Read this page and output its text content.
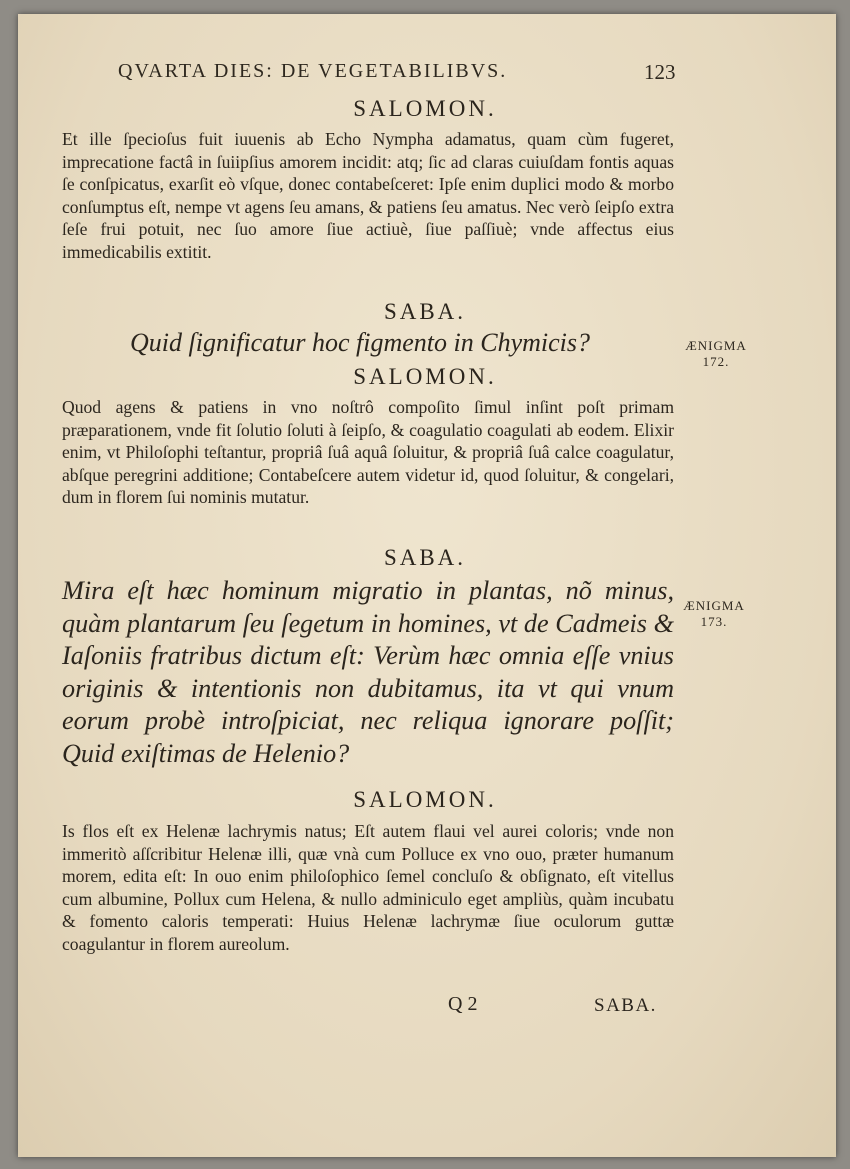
QVARTA DIES: DE VEGETABILIBVS.	123
SALOMON.
Et ille ſpecioſus fuit iuuenis ab Echo Nympha adamatus, quam cùm fugeret, imprecatione factâ in ſuiipſius amorem incidit: atq; ſic ad claras cuiuſdam fontis aquas ſe conſpicatus, exarſit eò vſque, donec contabeſceret: Ipſe enim duplici modo & morbo conſumptus eſt, nempe vt agens ſeu amans, & patiens ſeu amatus. Nec verò ſeipſo extra ſeſe frui potuit, nec ſuo amore ſiue actiuè, ſiue paſſiuè; vnde affectus eius immedicabilis extitit.
SABA.
Quid ſignificatur hoc figmento in Chymicis?	ÆNIGMA
172.
SALOMON.
Quod agens & patiens in vno noſtrô compoſito ſimul inſint poſt primam præparationem, vnde fit ſolutio ſoluti à ſeipſo, & coagulatio coagulati ab eodem. Elixir enim, vt Philoſophi teſtantur, propriâ ſuâ aquâ ſoluitur, & propriâ ſuâ calce coagulatur, abſque peregrini additione; Contabeſcere autem videtur id, quod ſoluitur, & congelari, dum in florem ſui nominis mutatur.
SABA.
Mira eſt hæc hominum migratio in plantas, nõ minus, quàm plantarum ſeu ſegetum in homines, vt de Cadmeis & Iaſoniis fratribus dictum eſt: Verùm hæc omnia eſſe vnius originis & intentionis non dubitamus, ita vt qui vnum eorum probè introſpiciat, nec reliqua ignorare poſſit; Quid exiſtimas de Helenio?
ÆNIGMA
173.
SALOMON.
Is flos eſt ex Helenæ lachrymis natus; Eſt autem flaui vel aurei coloris; vnde non immeritò aſſcribitur Helenæ illi, quæ vnà cum Polluce ex vno ouo, præter humanum morem, edita eſt: In ouo enim philoſophico ſemel concluſo & obſignato, eſt vitellus cum albumine, Pollux cum Helena, & nullo adminiculo eget ampliùs, quàm incubatu & fomento caloris temperati: Huius Helenæ lachrymæ ſiue oculorum guttæ coagulantur in florem aureolum.
Q 2	SABA.
